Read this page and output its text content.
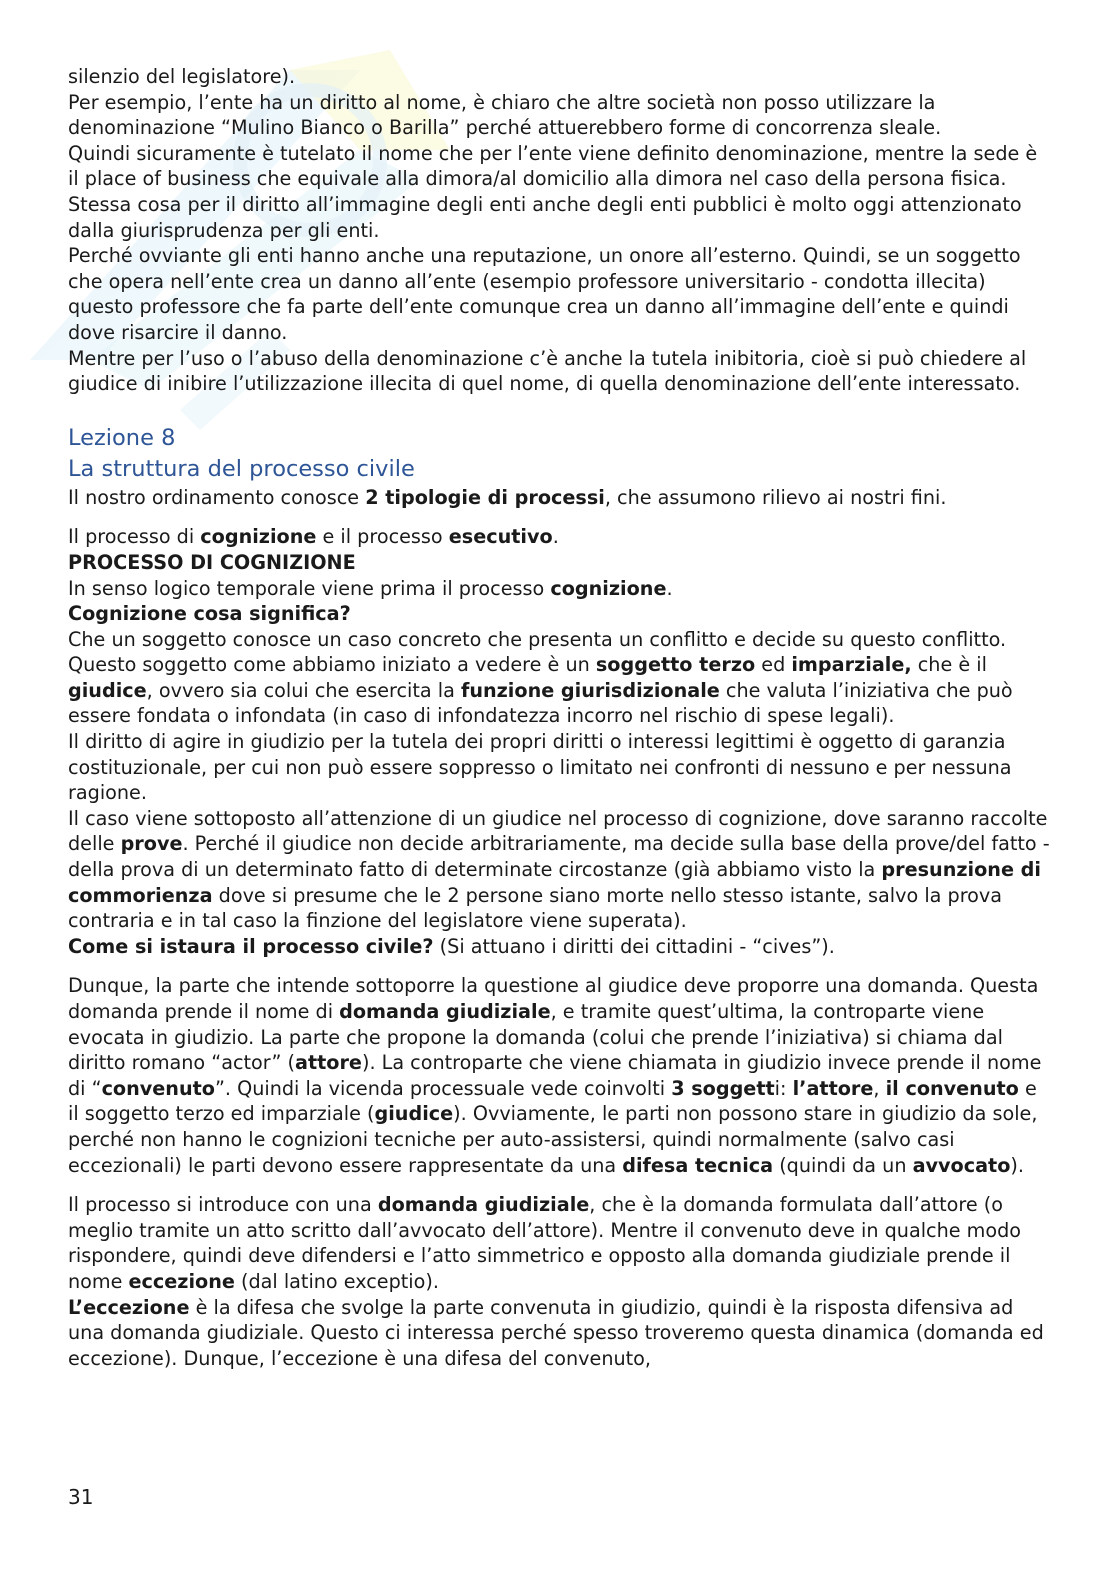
silenzio del legislatore).

Per esempio, l’ente ha un diritto al nome, è chiaro che altre società non posso utilizzare la denominazione “Mulino Bianco o Barilla” perché attuerebbero forme di concorrenza sleale.

Quindi sicuramente è tutelato il nome che per l’ente viene definito denominazione, mentre la sede è il place of business che equivale alla dimora/al domicilio alla dimora nel caso della persona fisica.

Stessa cosa per il diritto all’immagine degli enti anche degli enti pubblici è molto oggi attenzionato dalla giurisprudenza per gli enti.

Perché ovviante gli enti hanno anche una reputazione, un onore all’esterno. Quindi, se un soggetto che opera nell’ente crea un danno all’ente (esempio professore universitario - condotta illecita) questo professore che fa parte dell’ente comunque crea un danno all’immagine dell’ente e quindi dove risarcire il danno.

Mentre per l’uso o l’abuso della denominazione c’è anche la tutela inibitoria, cioè si può chiedere al giudice di inibire l’utilizzazione illecita di quel nome, di quella denominazione dell’ente interessato.

Lezione 8

La struttura del processo civile

Il nostro ordinamento conosce 2 tipologie di processi, che assumono rilievo ai nostri fini.

Il processo di cognizione e il processo esecutivo.

PROCESSO DI COGNIZIONE

In senso logico temporale viene prima il processo cognizione.

Cognizione cosa significa?

Che un soggetto conosce un caso concreto che presenta un conflitto e decide su questo conflitto. Questo soggetto come abbiamo iniziato a vedere è un soggetto terzo ed imparziale, che è il giudice, ovvero sia colui che esercita la funzione giurisdizionale che valuta l’iniziativa che può essere fondata o infondata (in caso di infondatezza incorro nel rischio di spese legali).

Il diritto di agire in giudizio per la tutela dei propri diritti o interessi legittimi è oggetto di garanzia costituzionale, per cui non può essere soppresso o limitato nei confronti di nessuno e per nessuna ragione.

Il caso viene sottoposto all’attenzione di un giudice nel processo di cognizione, dove saranno raccolte delle prove. Perché il giudice non decide arbitrariamente, ma decide sulla base della prove/del fatto - della prova di un determinato fatto di determinate circostanze (già abbiamo visto la presunzione di commorienza dove si presume che le 2 persone siano morte nello stesso istante, salvo la prova contraria e in tal caso la finzione del legislatore viene superata).

Come si istaura il processo civile? (Si attuano i diritti dei cittadini - “cives”).

Dunque, la parte che intende sottoporre la questione al giudice deve proporre una domanda. Questa domanda prende il nome di domanda giudiziale, e tramite quest’ultima, la controparte viene evocata in giudizio. La parte che propone la domanda (colui che prende l’iniziativa) si chiama dal diritto romano “actor” (attore). La controparte che viene chiamata in giudizio invece prende il nome di “convenuto”. Quindi la vicenda processuale vede coinvolti 3 soggetti: l’attore, il convenuto e il soggetto terzo ed imparziale (giudice). Ovviamente, le parti non possono stare in giudizio da sole, perché non hanno le cognizioni tecniche per auto-assistersi, quindi normalmente (salvo casi eccezionali) le parti devono essere rappresentate da una difesa tecnica (quindi da un avvocato).

Il processo si introduce con una domanda giudiziale, che è la domanda formulata dall’attore (o meglio tramite un atto scritto dall’avvocato dell’attore). Mentre il convenuto deve in qualche modo rispondere, quindi deve difendersi e l’atto simmetrico e opposto alla domanda giudiziale prende il nome eccezione (dal latino exceptio).

L’eccezione è la difesa che svolge la parte convenuta in giudizio, quindi è la risposta difensiva ad una domanda giudiziale. Questo ci interessa perché spesso troveremo questa dinamica (domanda ed eccezione). Dunque, l’eccezione è una difesa del convenuto,

31
